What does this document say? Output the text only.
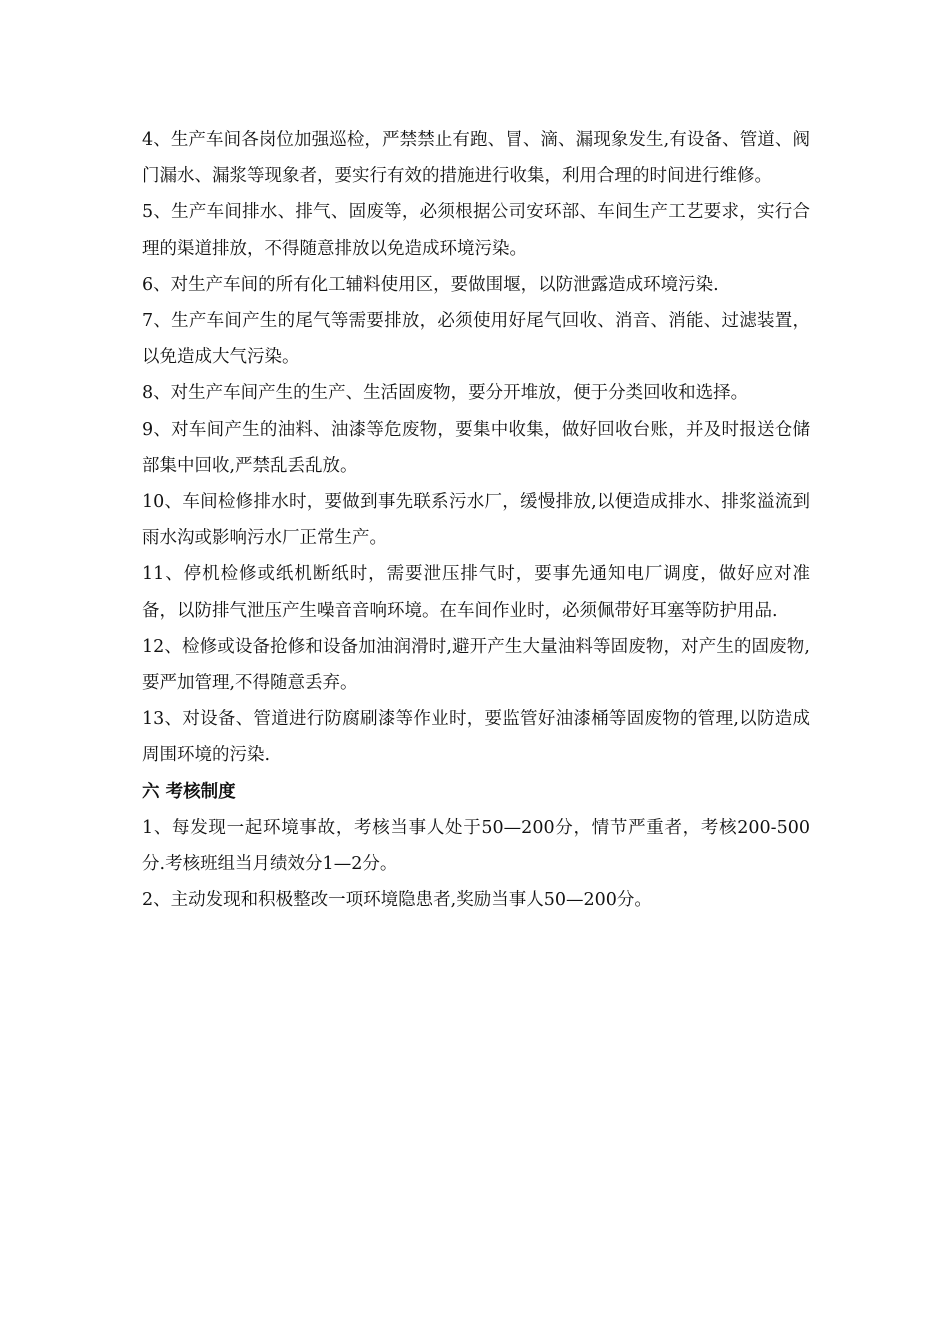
4、生产车间各岗位加强巡检，严禁禁止有跑、冒、滴、漏现象发生,有设备、管道、阀门漏水、漏浆等现象者，要实行有效的措施进行收集，利用合理的时间进行维修。

5、生产车间排水、排气、固废等，必须根据公司安环部、车间生产工艺要求，实行合理的渠道排放，不得随意排放以免造成环境污染。

6、对生产车间的所有化工辅料使用区，要做围堰，以防泄露造成环境污染.

7、生产车间产生的尾气等需要排放，必须使用好尾气回收、消音、消能、过滤装置，以免造成大气污染。

8、对生产车间产生的生产、生活固废物，要分开堆放，便于分类回收和选择。

9、对车间产生的油料、油漆等危废物，要集中收集，做好回收台账，并及时报送仓储部集中回收,严禁乱丢乱放。

10、车间检修排水时，要做到事先联系污水厂，缓慢排放,以便造成排水、排浆溢流到雨水沟或影响污水厂正常生产。

11、停机检修或纸机断纸时，需要泄压排气时，要事先通知电厂调度，做好应对准备，以防排气泄压产生噪音音响环境。在车间作业时，必须佩带好耳塞等防护用品.

12、检修或设备抢修和设备加油润滑时,避开产生大量油料等固废物，对产生的固废物,要严加管理,不得随意丢弃。

13、对设备、管道进行防腐刷漆等作业时，要监管好油漆桶等固废物的管理,以防造成周围环境的污染.

六 考核制度

1、每发现一起环境事故，考核当事人处于50—200分，情节严重者，考核200-500分.考核班组当月绩效分1—2分。

2、主动发现和积极整改一项环境隐患者,奖励当事人50—200分。
